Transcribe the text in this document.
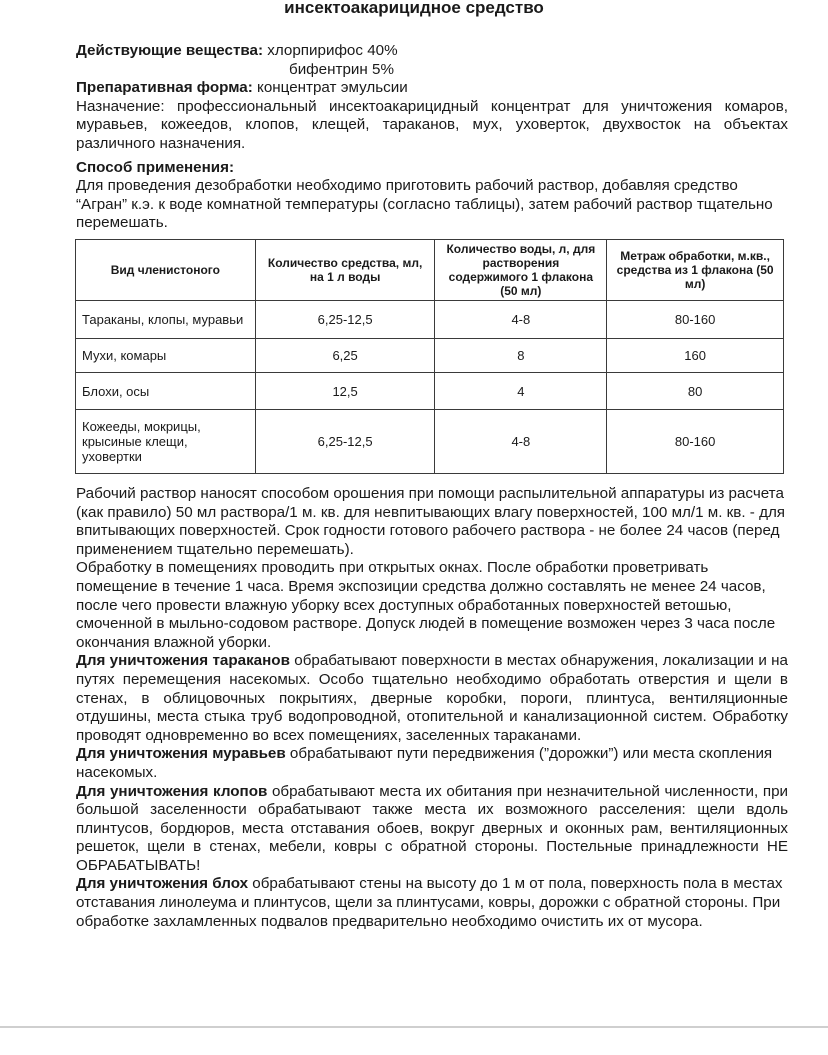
инсектоакарицидное средство

Действующие вещества: хлорпирифос 40%

бифентрин 5%

Препаративная форма: концентрат эмульсии

Назначение: профессиональный инсектоакарицидный концентрат для уничтожения комаров, муравьев, кожеедов, клопов, клещей, тараканов, мух, уховерток, двухвосток на объектах различного назначения.

Способ применения:

Для проведения дезобработки необходимо приготовить рабочий раствор, добавляя средство “Агран” к.э. к воде комнатной температуры (согласно таблицы), затем рабочий раствор тщательно перемешать.

Вид членистоного	Количество средства, мл, на 1 л воды	Количество воды, л, для растворения содержимого 1 флакона (50 мл)	Метраж обработки, м.кв., средства из 1 флакона (50 мл)
Тараканы, клопы, муравьи	6,25-12,5	4-8	80-160
Мухи, комары	6,25	8	160
Блохи, осы	12,5	4	80
Кожеeды, мокрицы, крысиные клещи, уховертки	6,25-12,5	4-8	80-160

Рабочий раствор наносят способом орошения при помощи распылительной аппаратуры из расчета (как правило) 50 мл раствора/1 м. кв. для невпитывающих влагу поверхностей, 100 мл/1 м. кв. - для впитывающих поверхностей. Срок годности готового рабочего раствора - не более 24 часов (перед применением тщательно перемешать).

Обработку в помещениях проводить при открытых окнах. После обработки проветривать помещение в течение 1 часа. Время экспозиции средства должно составлять не менее 24 часов, после чего провести влажную уборку всех доступных обработанных поверхностей ветошью, смоченной в мыльно-содовом растворе. Допуск людей в помещение возможен через 3 часа после окончания влажной уборки.

Для уничтожения тараканов обрабатывают поверхности в местах обнаружения, локализации и на путях перемещения насекомых. Особо тщательно необходимо обработать отверстия и щели в стенах, в облицовочных покрытиях, дверные коробки, пороги, плинтуса, вентиляционные отдушины, места стыка труб водопроводной, отопительной и канализационной систем. Обработку проводят одновременно во всех помещениях, заселенных тараканами.

Для уничтожения муравьев обрабатывают пути передвижения (”дорожки”) или места скопления насекомых.

Для уничтожения клопов обрабатывают места их обитания при незначительной численности, при большой заселенности обрабатывают также места их возможного расселения: щели вдоль плинтусов, бордюров, места отставания обоев, вокруг дверных и оконных рам, вентиляционных решеток, щели в стенах, мебели, ковры с обратной стороны. Постельные принадлежности НЕ ОБРАБАТЫВАТЬ!

Для уничтожения блох обрабатывают стены на высоту до 1 м от пола, поверхность пола в местах отставания линолеума и плинтусов, щели за плинтусами, ковры, дорожки с обратной стороны. При обработке захламленных подвалов предварительно необходимо очистить их от мусора.
